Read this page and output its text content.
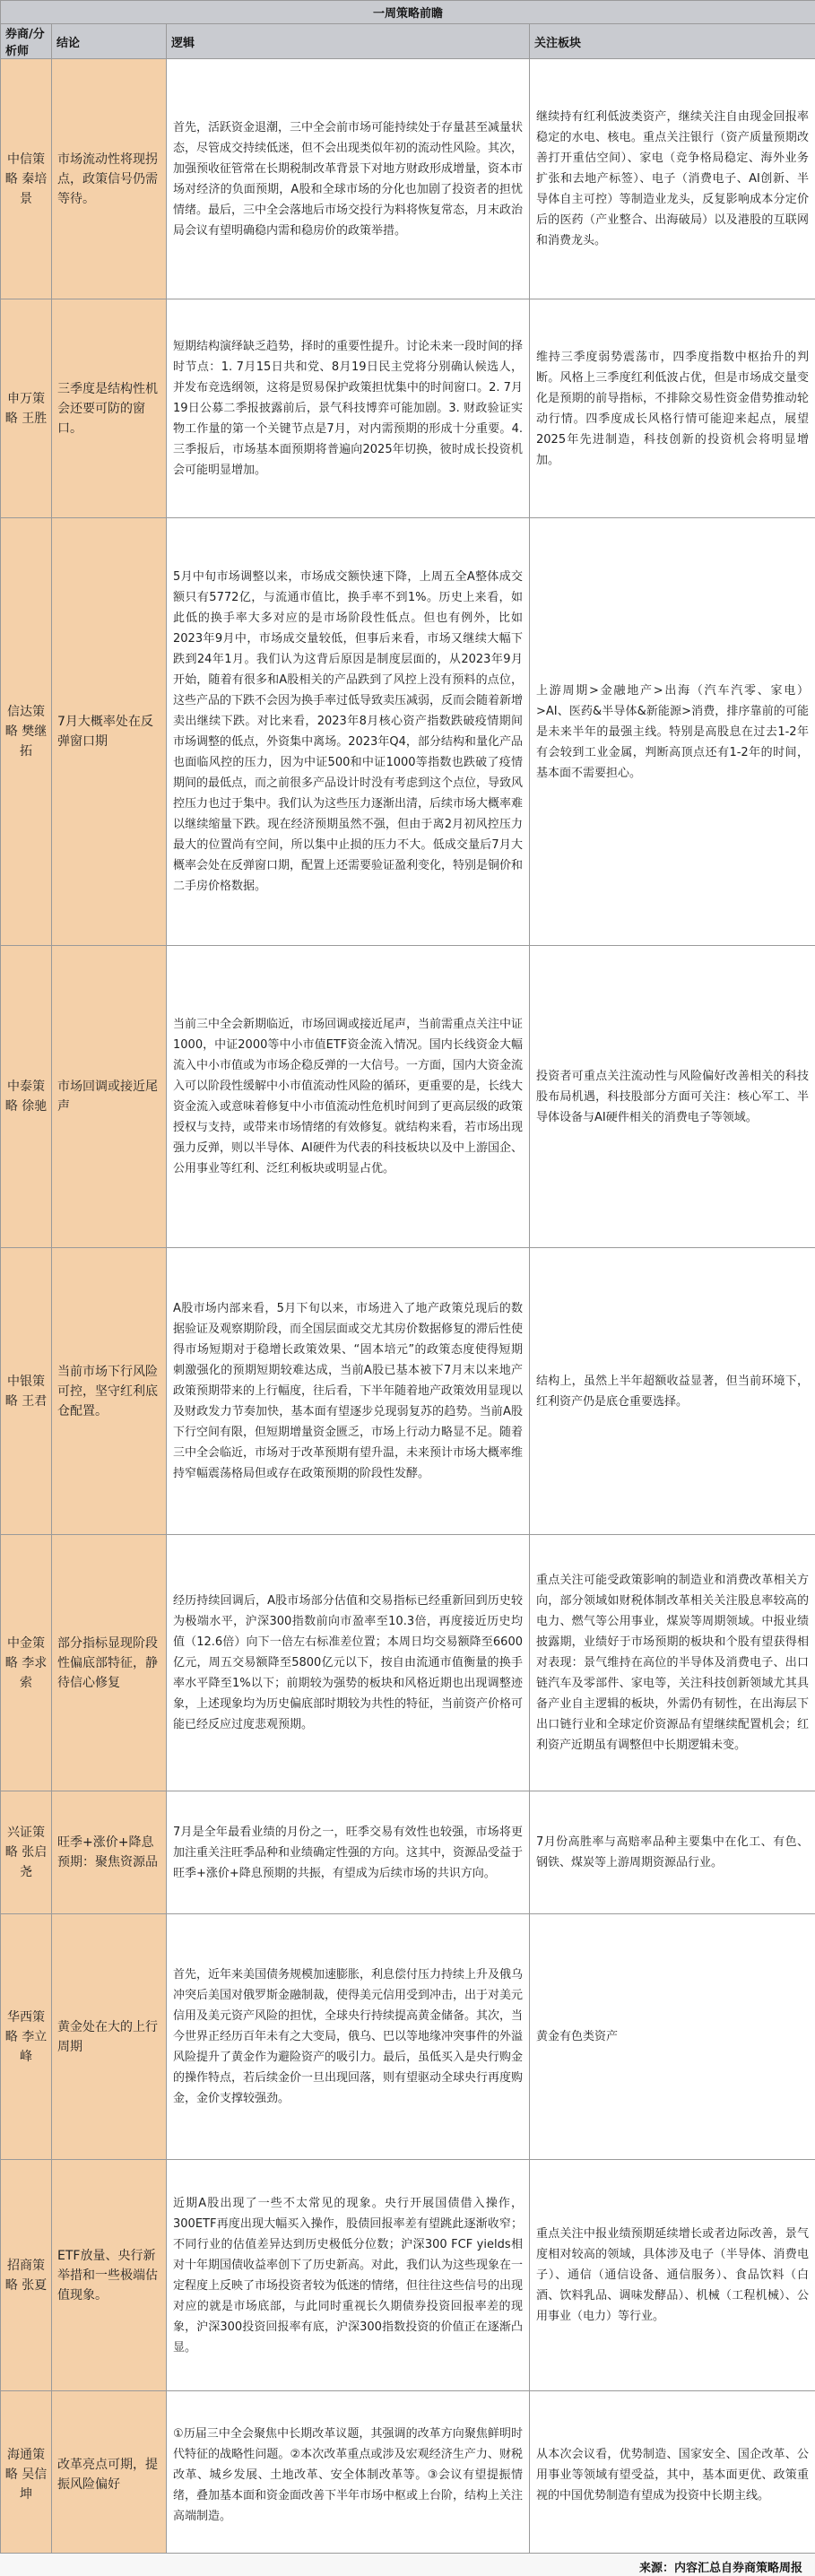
一周策略前瞻			
券商/分析师	结论	逻辑	关注板块
中信策略 秦培景	市场流动性将现拐点，政策信号仍需等待。	首先，活跃资金退潮，三中全会前市场可能持续处于存量甚至减量状态，尽管成交持续低迷，但不会出现类似年初的流动性风险。其次，加强预收征管常在长期税制改革背景下对地方财政形成增量，资本市场对经济的负面预期，A股和全球市场的分化也加剧了投资者的担忧情绪。最后，三中全会落地后市场交投行为料将恢复常态，月末政治局会议有望明确稳内需和稳房价的政策举措。	继续持有红利低波类资产，继续关注自由现金回报率稳定的水电、核电。重点关注银行（资产质量预期改善打开重估空间）、家电（竞争格局稳定、海外业务扩张和去地产标签）、电子（消费电子、AI创新、半导体自主可控）等制造业龙头，反复影响成本分定价后的医药（产业整合、出海破局）以及港股的互联网和消费龙头。
申万策略 王胜	三季度是结构性机会还要可防的窗口。	短期结构演绎缺乏趋势，择时的重要性提升。讨论未来一段时间的择时节点：1. 7月15日共和党、8月19日民主党将分别确认候选人，并发布竞选纲领，这将是贸易保护政策担忧集中的时间窗口。2. 7月19日公募二季报披露前后，景气科技博弈可能加剧。3. 财政验证实物工作量的第一个关键节点是7月，对内需预期的形成十分重要。4. 三季报后，市场基本面预期将普遍向2025年切换，彼时成长投资机会可能明显增加。	维持三季度弱势震荡市，四季度指数中枢抬升的判断。风格上三季度红利低波占优，但是市场成交量变化是预期的前导指标，不排除交易性资金借势推动轮动行情。四季度成长风格行情可能迎来起点，展望2025年先进制造，科技创新的投资机会将明显增加。
信达策略 樊继拓	7月大概率处在反弹窗口期	5月中旬市场调整以来，市场成交额快速下降，上周五全A整体成交额只有5772亿，与流通市值比，换手率不到1%。历史上来看，如此低的换手率大多对应的是市场阶段性低点。但也有例外，比如2023年9月中，市场成交量较低，但事后来看，市场又继续大幅下跌到24年1月。我们认为这背后原因是制度层面的，从2023年9月开始，随着有很多和A股相关的产品跌到了风控上没有预料的点位，这些产品的下跌不会因为换手率过低导致卖压减弱，反而会随着新增卖出继续下跌。对比来看，2023年8月核心资产指数跌破疫情期间市场调整的低点，外资集中离场。2023年Q4，部分结构和量化产品也面临风控的压力，因为中证500和中证1000等指数也跌破了疫情期间的最低点，而之前很多产品设计时没有考虑到这个点位，导致风控压力也过于集中。我们认为这些压力逐渐出清，后续市场大概率难以继续缩量下跌。现在经济预期虽然不强，但由于离2月初风控压力最大的位置尚有空间，所以集中止损的压力不大。低成交量后7月大概率会处在反弹窗口期，配置上还需要验证盈利变化，特别是铜价和二手房价格数据。	上游周期>金融地产>出海（汽车汽零、家电）>AI、医药&半导体&新能源>消费，排序靠前的可能是未来半年的最强主线。特别是高股息在过去1-2年有会较到工业金属，判断高顶点还有1-2年的时间，基本面不需要担心。
中泰策略 徐驰	市场回调或接近尾声	当前三中全会新期临近，市场回调或接近尾声，当前需重点关注中证1000，中证2000等中小市值ETF资金流入情况。国内长线资金大幅流入中小市值或为市场企稳反弹的一大信号。一方面，国内大资金流入可以阶段性缓解中小市值流动性风险的循环，更重要的是，长线大资金流入或意味着修复中小市值流动性危机时间到了更高层级的政策授权与支持，或带来市场情绪的有效修复。就结构来看，若市场出现强力反弹，则以半导体、AI硬件为代表的科技板块以及中上游国企、公用事业等红利、泛红利板块或明显占优。	投资者可重点关注流动性与风险偏好改善相关的科技股布局机遇，科技股部分方面可关注：核心军工、半导体设备与AI硬件相关的消费电子等领域。
中银策略 王君	当前市场下行风险可控，坚守红利底仓配置。	A股市场内部来看，5月下旬以来，市场进入了地产政策兑现后的数据验证及观察期阶段，而全国层面或交尤其房价数据修复的滞后性使得市场短期对于稳增长政策效果、“固本培元”的政策态度使得短期刺激强化的预期短期较难达成，当前A股已基本被下7月末以来地产政策预期带来的上行幅度，往后看，下半年随着地产政策效用显现以及财政发力节奏加快，基本面有望逐步兑现弱复苏的趋势。当前A股下行空间有限，但短期增量资金匮乏，市场上行动力略显不足。随着三中全会临近，市场对于改革预期有望升温，未来预计市场大概率维持窄幅震荡格局但或存在政策预期的阶段性发酵。	结构上，虽然上半年超额收益显著，但当前环境下，红利资产仍是底仓重要选择。
中金策略 李求索	部分指标显现阶段性偏底部特征，静待信心修复	经历持续回调后，A股市场部分估值和交易指标已经重新回到历史较为极端水平，沪深300指数前向市盈率至10.3倍，再度接近历史均值（12.6倍）向下一倍左右标准差位置；本周日均交易额降至6600亿元，周五交易额降至5800亿元以下，按自由流通市值衡量的换手率水平降至1%以下；前期较为强势的板块和风格近期也出现调整迹象，上述现象均为历史偏底部时期较为共性的特征，当前资产价格可能已经反应过度悲观预期。	重点关注可能受政策影响的制造业和消费改革相关方向，部分领域如财税体制改革相关关注股息率较高的电力、燃气等公用事业，煤炭等周期领域。中报业绩披露期，业绩好于市场预期的板块和个股有望获得相对表现：景气维持在高位的半导体及消费电子、出口链汽车及零部件、家电等，关注科技创新领域尤其具备产业自主逻辑的板块，外需仍有韧性，在出海层下出口链行业和全球定价资源品有望继续配置机会；红利资产近期虽有调整但中长期逻辑未变。
兴证策略 张启尧	旺季+涨价+降息预期：聚焦资源品	7月是全年最看业绩的月份之一，旺季交易有效性也较强，市场将更加注重关注旺季品种和业绩确定性强的方向。这其中，资源品受益于旺季+涨价+降息预期的共振，有望成为后续市场的共识方向。	7月份高胜率与高赔率品种主要集中在化工、有色、钢铁、煤炭等上游周期资源品行业。
华西策略 李立峰	黄金处在大的上行周期	首先，近年来美国债务规模加速膨胀，利息偿付压力持续上升及俄乌冲突后美国对俄罗斯金融制裁，使得美元信用受到冲击，出于对美元信用及美元资产风险的担忧，全球央行持续提高黄金储备。其次，当今世界正经历百年未有之大变局，俄乌、巴以等地缘冲突事件的外溢风险提升了黄金作为避险资产的吸引力。最后，虽低买入是央行购金的操作特点，若后续金价一旦出现回落，则有望驱动全球央行再度购金，金价支撑较强劲。	黄金有色类资产
招商策略 张夏	ETF放量、央行新举措和一些极端估值现象。	近期A股出现了一些不太常见的现象。央行开展国债借入操作，300ETF再度出现大幅买入操作，股债回报率差有望跳此逐渐收窄；不同行业的估值差异达到历史极低分位数；沪深300 FCF yields相对十年期国债收益率创下了历史新高。对此，我们认为这些现象在一定程度上反映了市场投资者较为低迷的情绪，但往往这些信号的出现对应的就是市场底部，与此同时重视长久期债券投资回报率差的现象，沪深300投资回报率有底，沪深300指数投资的价值正在逐渐凸显。	重点关注中报业绩预期延续增长或者边际改善，景气度相对较高的领域，具体涉及电子（半导体、消费电子）、通信（通信设备、通信服务）、食品饮料（白酒、饮料乳品、调味发酵品）、机械（工程机械）、公用事业（电力）等行业。
海通策略 吴信坤	改革亮点可期，提振风险偏好	①历届三中全会聚焦中长期改革议题，其强调的改革方向聚焦鲜明时代特征的战略性问题。②本次改革重点或涉及宏观经济生产力、财税改革、城乡发展、土地改革、安全体制改革等。③会议有望提振情绪，叠加基本面和资金面改善下半年市场中枢或上台阶，结构上关注高端制造。	从本次会议看，优势制造、国家安全、国企改革、公用事业等领域有望受益，其中，基本面更优、政策重视的中国优势制造有望成为投资中长期主线。
来源：内容汇总自券商策略周报
